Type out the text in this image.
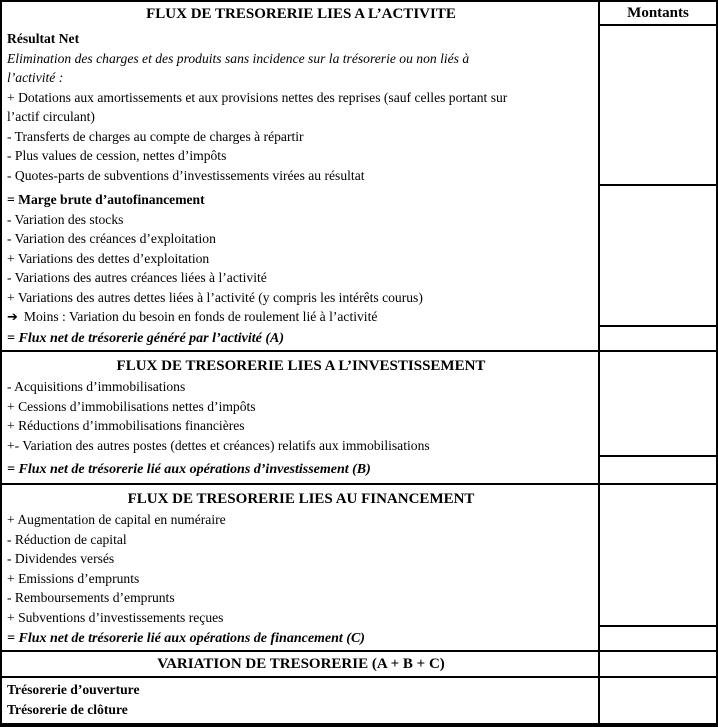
FLUX DE TRESORERIE LIES A L’ACTIVITE	Montants
Résultat Net
Elimination des charges et des produits sans incidence sur la trésorerie ou non liés à
l’activité :
+ Dotations aux amortissements et aux provisions nettes des reprises (sauf celles portant sur
l’actif circulant)
- Transferts de charges au compte de charges à répartir
- Plus values de cession, nettes d’impôts
- Quotes-parts de subventions d’investissements virées au résultat
= Marge brute d’autofinancement
- Variation des stocks
- Variation des créances d’exploitation
+ Variations des dettes d’exploitation
- Variations des autres créances liées à l’activité
+ Variations des autres dettes liées à l’activité (y compris les intérêts courus)
➔ Moins : Variation du besoin en fonds de roulement lié à l’activité
= Flux net de trésorerie généré par l’activité (A)
FLUX DE TRESORERIE LIES A L’INVESTISSEMENT
- Acquisitions d’immobilisations
+ Cessions d’immobilisations nettes d’impôts
+ Réductions d’immobilisations financières
+- Variation des autres postes (dettes et créances) relatifs aux immobilisations
= Flux net de trésorerie lié aux opérations d’investissement (B)
FLUX DE TRESORERIE LIES AU FINANCEMENT
+ Augmentation de capital en numéraire
- Réduction de capital
- Dividendes versés
+ Emissions d’emprunts
- Remboursements d’emprunts
+ Subventions d’investissements reçues
= Flux net de trésorerie lié aux opérations de financement (C)
VARIATION DE TRESORERIE (A + B + C)
Trésorerie d’ouverture
Trésorerie de clôture
